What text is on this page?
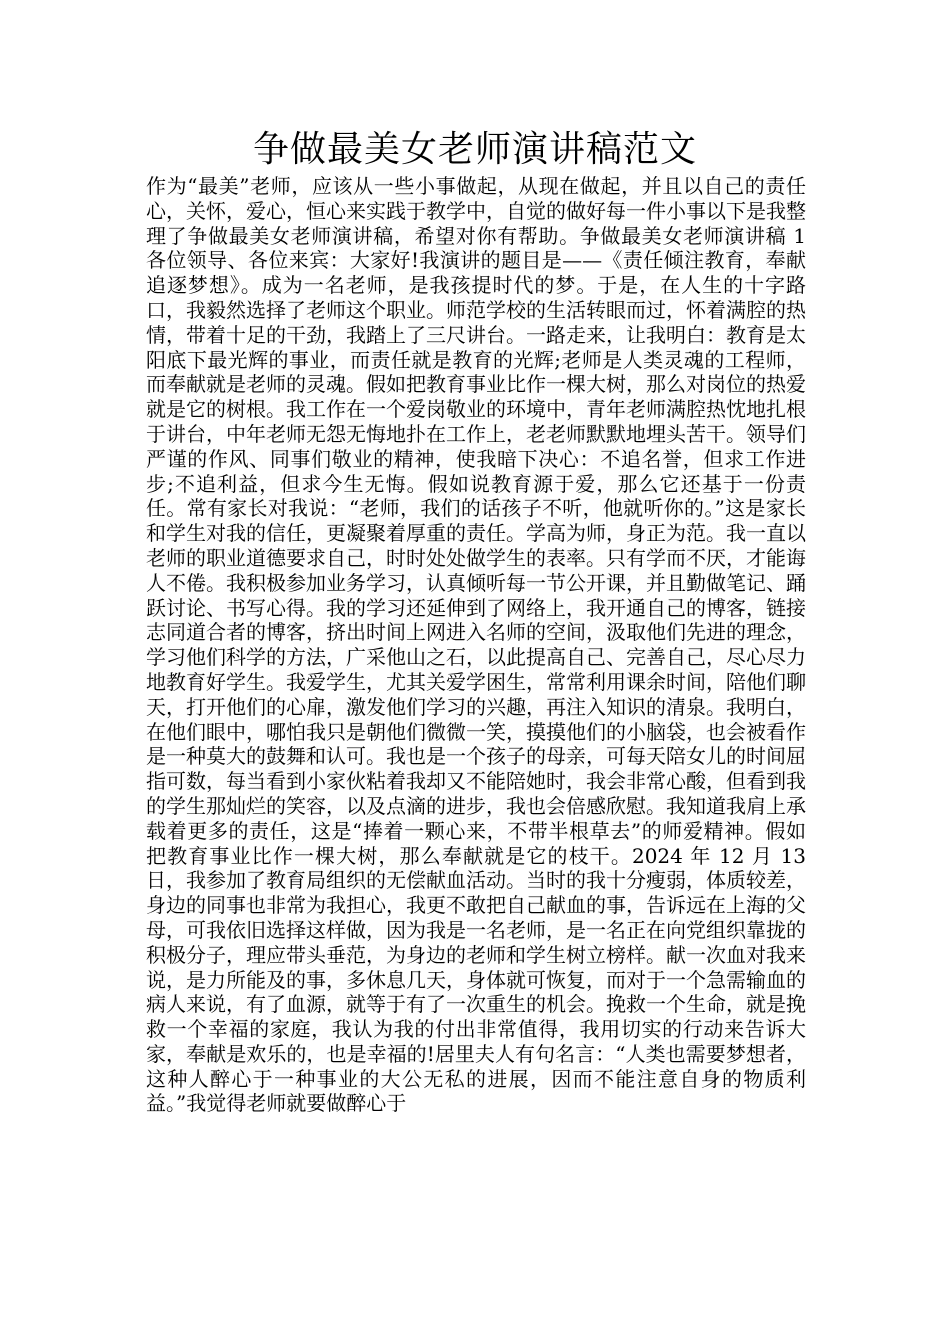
争做最美女老师演讲稿范文

作为“最美”老师，应该从一些小事做起，从现在做起，并且以自己的责任心，关怀，爱心，恒心来实践于教学中，自觉的做好每一件小事以下是我整理了争做最美女老师演讲稿，希望对你有帮助。争做最美女老师演讲稿 1 各位领导、各位来宾：大家好!我演讲的题目是——《责任倾注教育，奉献追逐梦想》。成为一名老师，是我孩提时代的梦。于是，在人生的十字路口，我毅然选择了老师这个职业。师范学校的生活转眼而过，怀着满腔的热情，带着十足的干劲，我踏上了三尺讲台。一路走来，让我明白：教育是太阳底下最光辉的事业，而责任就是教育的光辉;老师是人类灵魂的工程师，而奉献就是老师的灵魂。假如把教育事业比作一棵大树，那么对岗位的热爱就是它的树根。我工作在一个爱岗敬业的环境中，青年老师满腔热忱地扎根于讲台，中年老师无怨无悔地扑在工作上，老老师默默地埋头苦干。领导们严谨的作风、同事们敬业的精神，使我暗下决心：不追名誉，但求工作进步;不追利益，但求今生无悔。假如说教育源于爱，那么它还基于一份责任。常有家长对我说：“老师，我们的话孩子不听，他就听你的。”这是家长和学生对我的信任，更凝聚着厚重的责任。学高为师，身正为范。我一直以老师的职业道德要求自己，时时处处做学生的表率。只有学而不厌，才能诲人不倦。我积极参加业务学习，认真倾听每一节公开课，并且勤做笔记、踊跃讨论、书写心得。我的学习还延伸到了网络上，我开通自己的博客，链接志同道合者的博客，挤出时间上网进入名师的空间，汲取他们先进的理念，学习他们科学的方法，广采他山之石，以此提高自己、完善自己，尽心尽力地教育好学生。我爱学生，尤其关爱学困生，常常利用课余时间，陪他们聊天，打开他们的心扉，激发他们学习的兴趣，再注入知识的清泉。我明白，在他们眼中，哪怕我只是朝他们微微一笑，摸摸他们的小脑袋，也会被看作是一种莫大的鼓舞和认可。我也是一个孩子的母亲，可每天陪女儿的时间屈指可数，每当看到小家伙粘着我却又不能陪她时，我会非常心酸，但看到我的学生那灿烂的笑容，以及点滴的进步，我也会倍感欣慰。我知道我肩上承载着更多的责任，这是“捧着一颗心来，不带半根草去”的师爱精神。假如把教育事业比作一棵大树，那么奉献就是它的枝干。2024 年 12 月 13 日，我参加了教育局组织的无偿献血活动。当时的我十分瘦弱，体质较差，身边的同事也非常为我担心，我更不敢把自己献血的事，告诉远在上海的父母，可我依旧选择这样做，因为我是一名老师，是一名正在向党组织靠拢的积极分子，理应带头垂范，为身边的老师和学生树立榜样。献一次血对我来说，是力所能及的事，多休息几天，身体就可恢复，而对于一个急需输血的病人来说，有了血源，就等于有了一次重生的机会。挽救一个生命，就是挽救一个幸福的家庭，我认为我的付出非常值得，我用切实的行动来告诉大家，奉献是欢乐的，也是幸福的!居里夫人有句名言：“人类也需要梦想者，这种人醉心于一种事业的大公无私的进展，因而不能注意自身的物质利益。”我觉得老师就要做醉心于
